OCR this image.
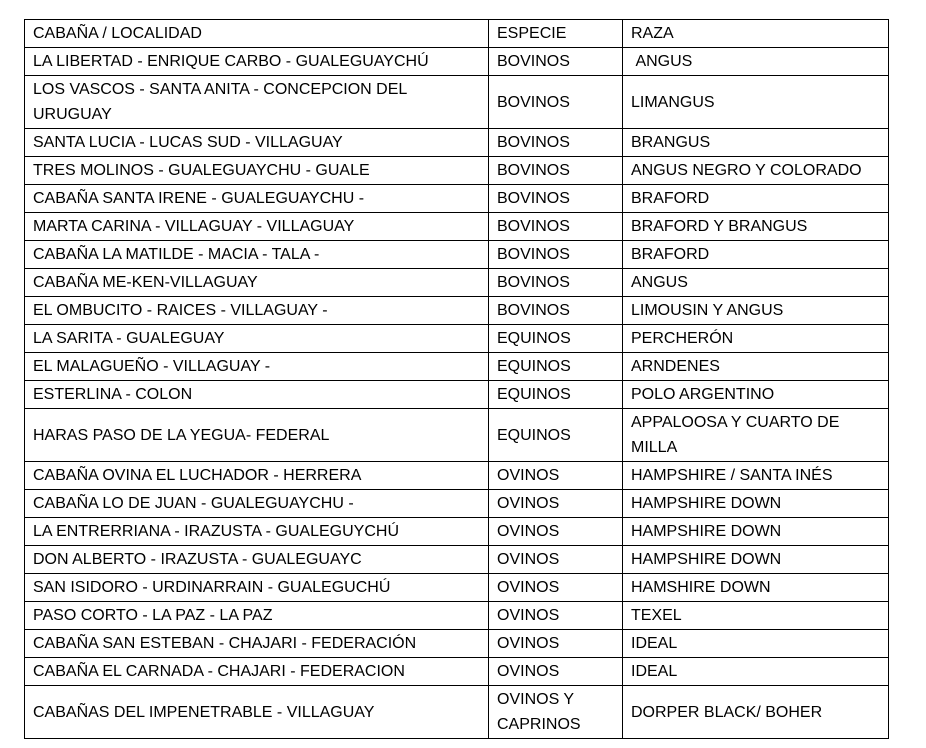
CABAÑA / LOCALIDAD	ESPECIE	RAZA
LA LIBERTAD - ENRIQUE CARBO - GUALEGUAYCHÚ	BOVINOS	ANGUS
LOS VASCOS - SANTA ANITA - CONCEPCION DEL URUGUAY	BOVINOS	LIMANGUS
SANTA LUCIA - LUCAS SUD - VILLAGUAY	BOVINOS	BRANGUS
TRES MOLINOS - GUALEGUAYCHU - GUALE	BOVINOS	ANGUS NEGRO Y COLORADO
CABAÑA SANTA IRENE - GUALEGUAYCHU -	BOVINOS	BRAFORD
MARTA CARINA - VILLAGUAY - VILLAGUAY	BOVINOS	BRAFORD Y BRANGUS
CABAÑA LA MATILDE - MACIA - TALA -	BOVINOS	BRAFORD
CABAÑA ME-KEN-VILLAGUAY	BOVINOS	ANGUS
EL OMBUCITO - RAICES - VILLAGUAY -	BOVINOS	LIMOUSIN Y ANGUS
LA SARITA - GUALEGUAY	EQUINOS	PERCHERÓN
EL MALAGUEÑO - VILLAGUAY -	EQUINOS	ARNDENES
ESTERLINA - COLON	EQUINOS	POLO ARGENTINO
HARAS PASO DE LA YEGUA- FEDERAL	EQUINOS	APPALOOSA Y CUARTO DE MILLA
CABAÑA OVINA EL LUCHADOR - HERRERA	OVINOS	HAMPSHIRE / SANTA INÉS
CABAÑA LO DE JUAN - GUALEGUAYCHU -	OVINOS	HAMPSHIRE DOWN
LA ENTRERRIANA - IRAZUSTA - GUALEGUYCHÚ	OVINOS	HAMPSHIRE DOWN
DON ALBERTO - IRAZUSTA - GUALEGUAYC	OVINOS	HAMPSHIRE DOWN
SAN ISIDORO - URDINARRAIN - GUALEGUCHÚ	OVINOS	HAMSHIRE DOWN
PASO CORTO - LA PAZ - LA PAZ	OVINOS	TEXEL
CABAÑA SAN ESTEBAN - CHAJARI - FEDERACIÓN	OVINOS	IDEAL
CABAÑA EL CARNADA - CHAJARI - FEDERACION	OVINOS	IDEAL
CABAÑAS DEL IMPENETRABLE - VILLAGUAY	OVINOS Y CAPRINOS	DORPER BLACK/ BOHER
